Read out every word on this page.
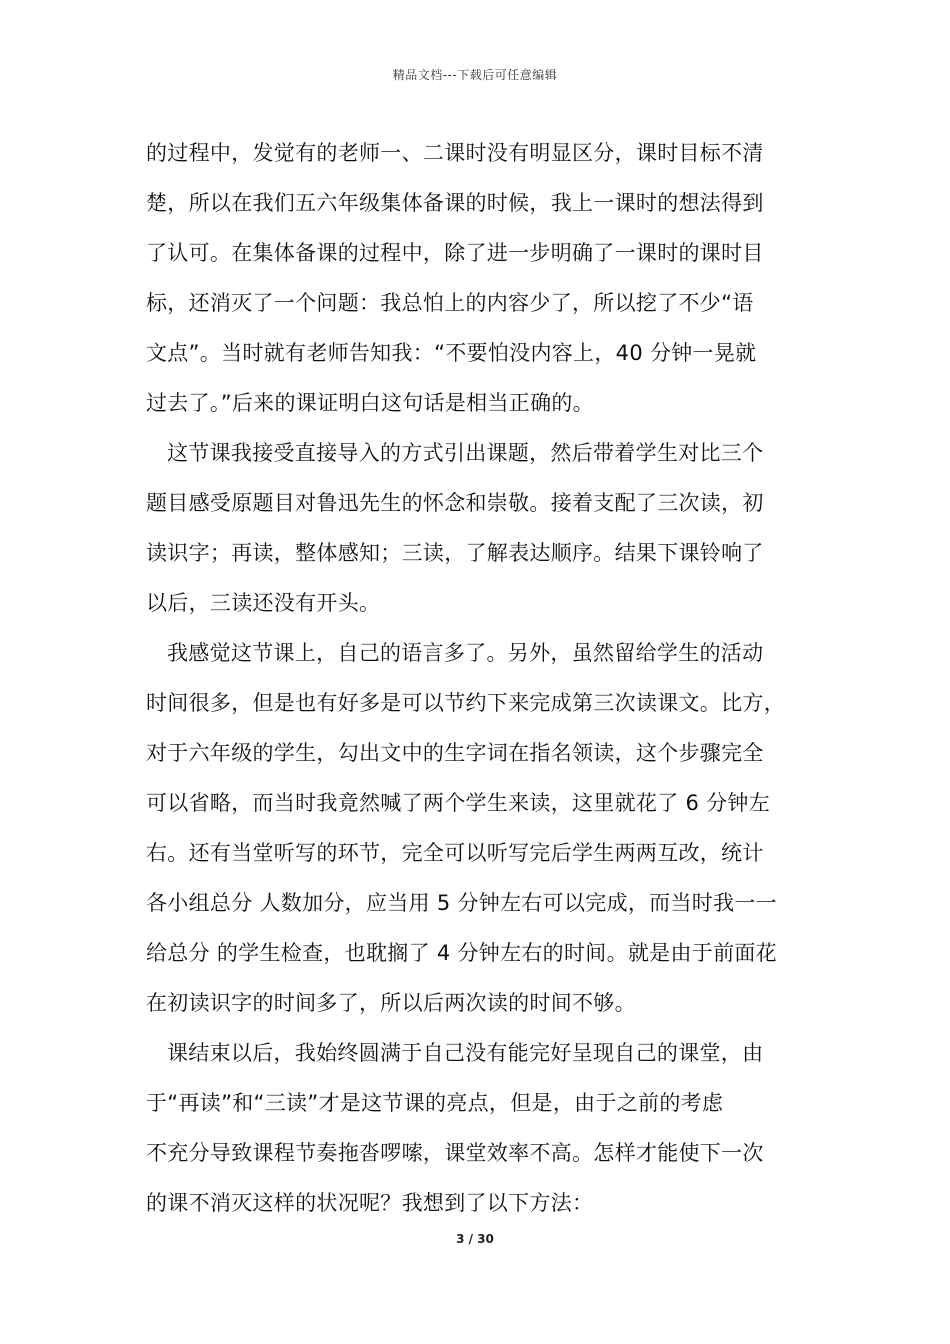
精品文档---下载后可任意编辑
的过程中，发觉有的老师一、二课时没有明显区分，课时目标不清
楚，所以在我们五六年级集体备课的时候，我上一课时的想法得到
了认可。在集体备课的过程中，除了进一步明确了一课时的课时目
标，还消灭了一个问题：我总怕上的内容少了，所以挖了不少“语
文点”。当时就有老师告知我：“不要怕没内容上，40 分钟一晃就
过去了。”后来的课证明白这句话是相当正确的。
这节课我接受直接导入的方式引出课题，然后带着学生对比三个
题目感受原题目对鲁迅先生的怀念和崇敬。接着支配了三次读，初
读识字；再读，整体感知；三读，了解表达顺序。结果下课铃响了
以后，三读还没有开头。
我感觉这节课上，自己的语言多了。另外，虽然留给学生的活动
时间很多，但是也有好多是可以节约下来完成第三次读课文。比方，
对于六年级的学生，勾出文中的生字词在指名领读，这个步骤完全
可以省略，而当时我竟然喊了两个学生来读，这里就花了 6 分钟左
右。还有当堂听写的环节，完全可以听写完后学生两两互改，统计
各小组总分 人数加分，应当用 5 分钟左右可以完成，而当时我一一
给总分 的学生检查，也耽搁了 4 分钟左右的时间。就是由于前面花
在初读识字的时间多了，所以后两次读的时间不够。
课结束以后，我始终圆满于自己没有能完好呈现自己的课堂，由
于“再读”和“三读”才是这节课的亮点，但是，由于之前的考虑
不充分导致课程节奏拖沓啰嗦，课堂效率不高。怎样才能使下一次
的课不消灭这样的状况呢？我想到了以下方法：
3 / 30
